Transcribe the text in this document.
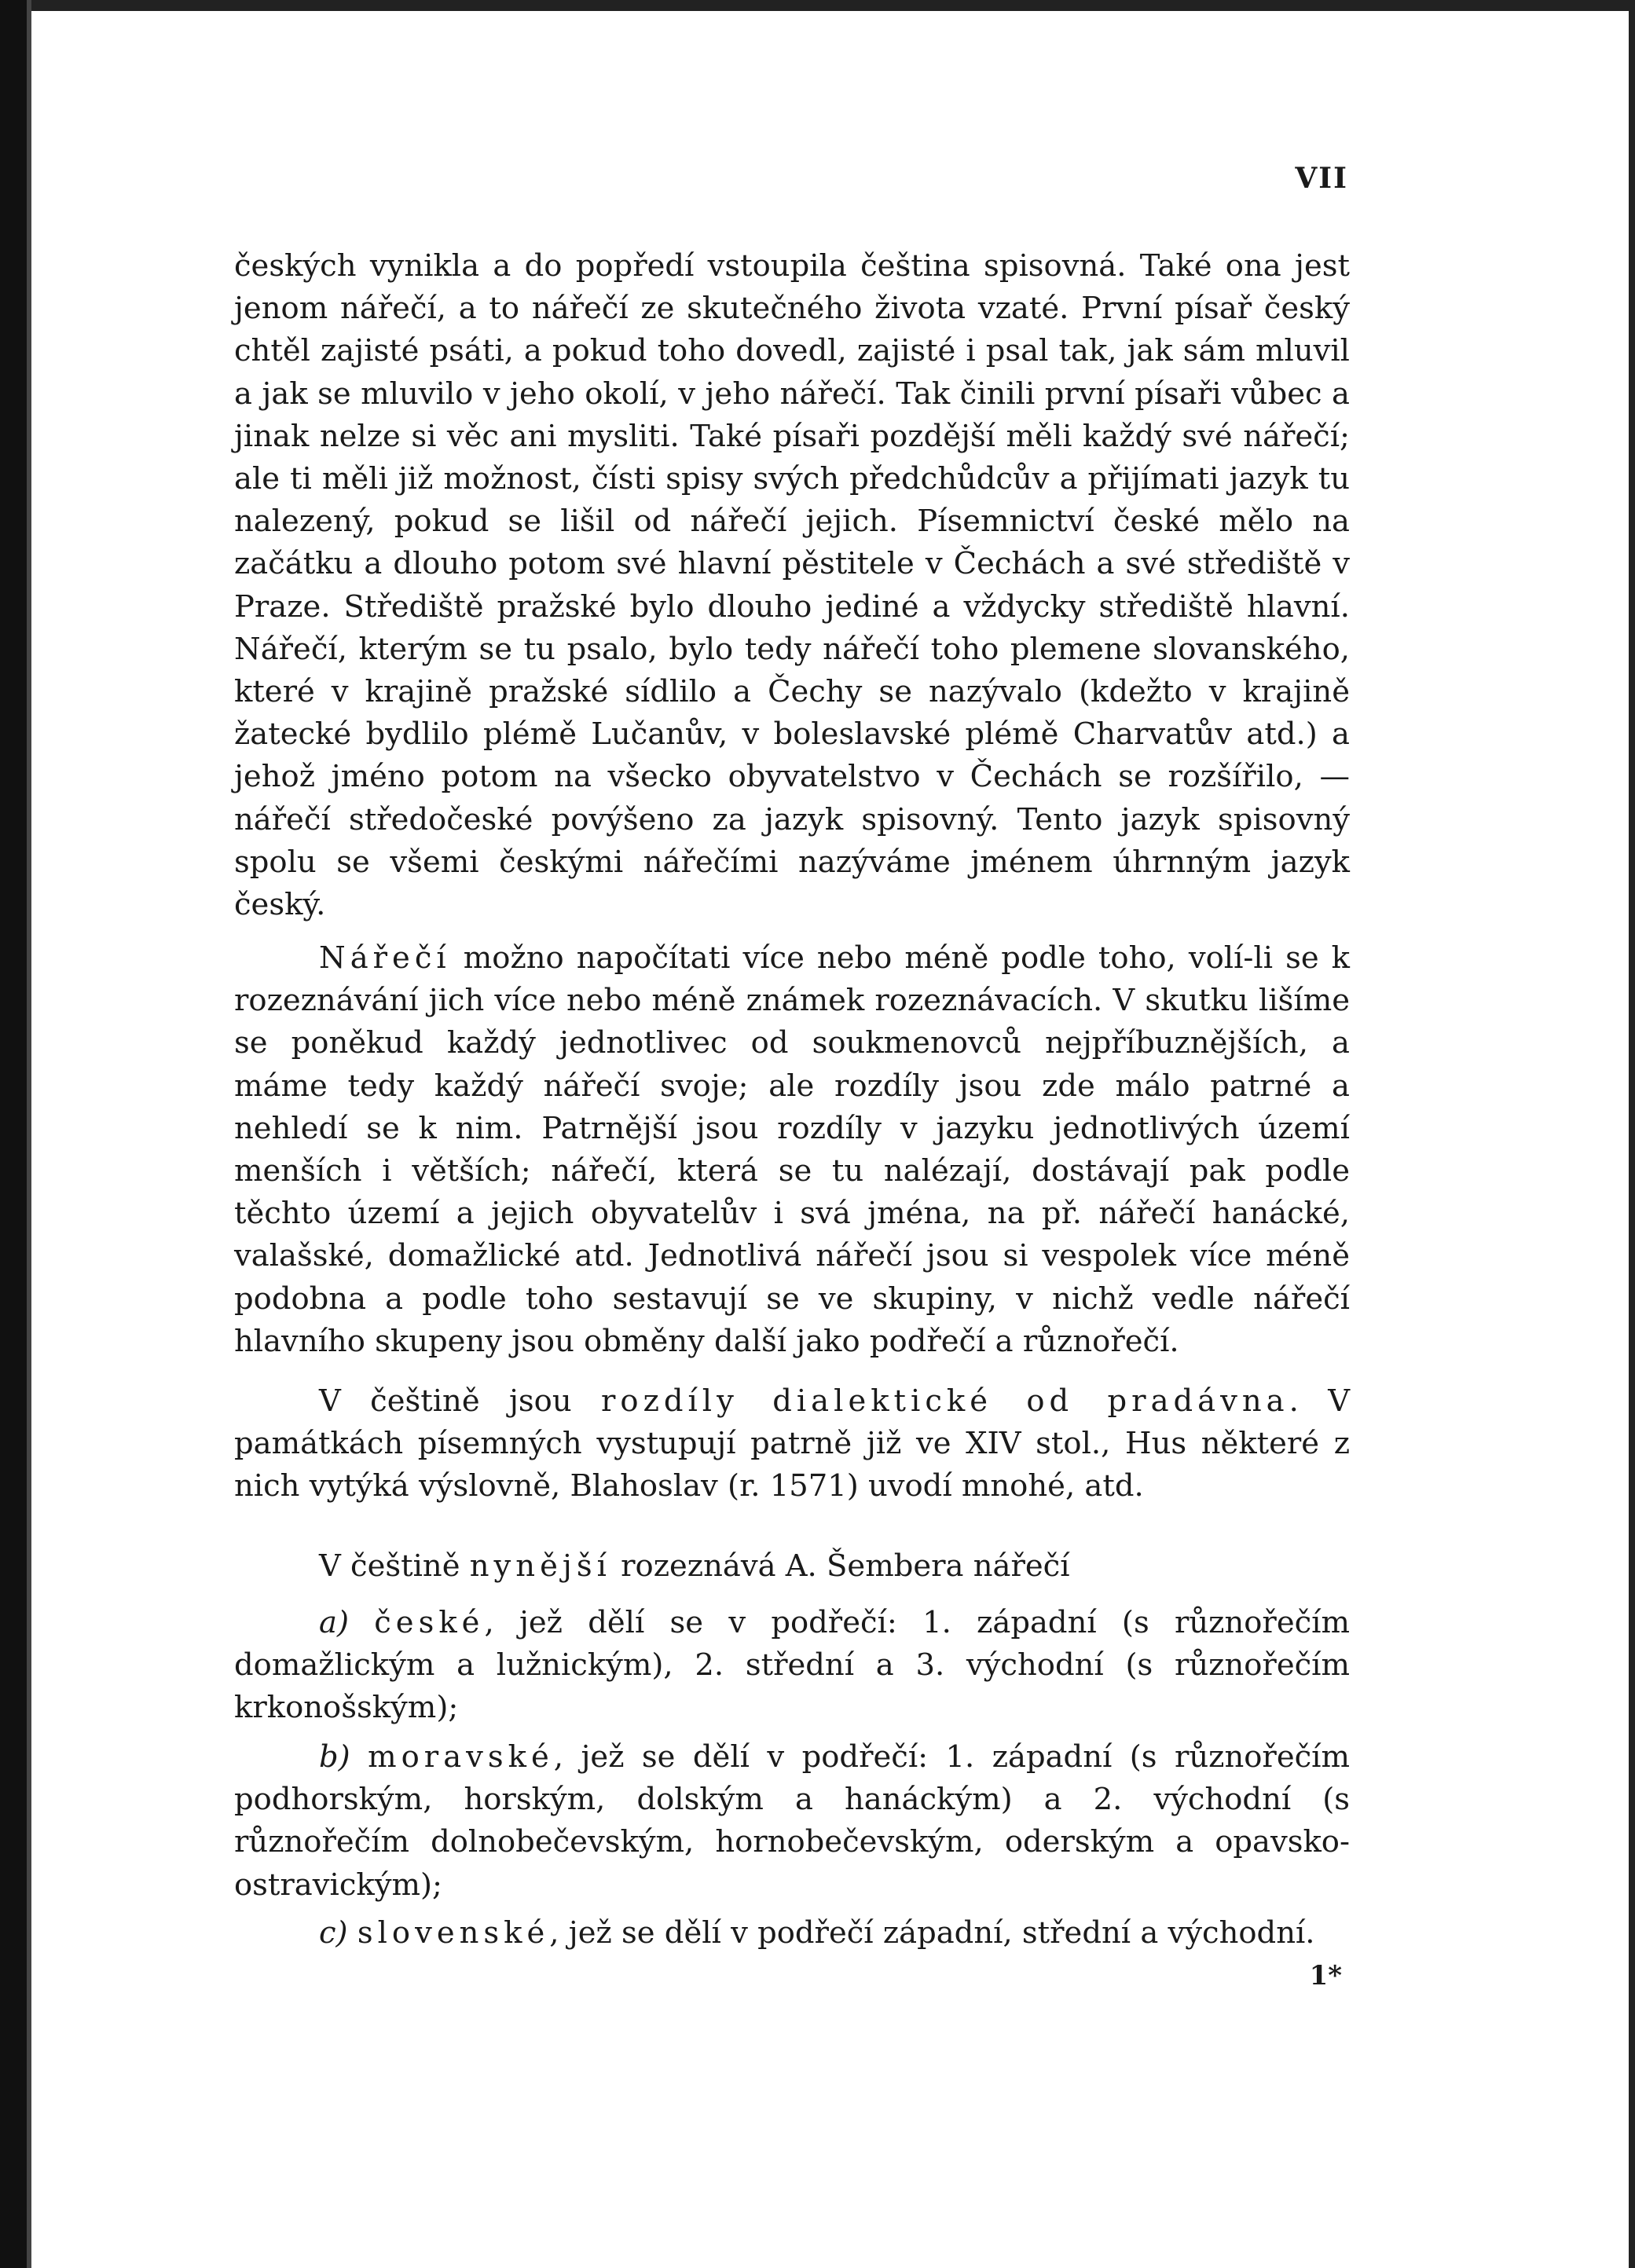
VII

českých vynikla a do popředí vstoupila čeština spisovná. Také ona jest jenom nářečí, a to nářečí ze skutečného života vzaté. První písař český chtěl zajisté psáti, a pokud toho dovedl, zajisté i psal tak, jak sám mluvil a jak se mluvilo v jeho okolí, v jeho nářečí. Tak činili první písaři vůbec a jinak nelze si věc ani mysliti. Také písaři pozdější měli každý své nářečí; ale ti měli již možnost, čísti spisy svých předchůdcův a přijímati jazyk tu nalezený, pokud se lišil od nářečí jejich. Písemnictví české mělo na začátku a dlouho potom své hlavní pěstitele v Čechách a své střediště v Praze. Střediště pražské bylo dlouho jediné a vždycky střediště hlavní. Nářečí, kterým se tu psalo, bylo tedy nářečí toho plemene slovanského, které v krajině pražské sídlilo a Čechy se nazývalo (kdežto v krajině žatecké bydlilo plémě Lučanův, v boleslavské plémě Charvatův atd.) a jehož jméno potom na všecko obyvatelstvo v Čechách se rozšířilo, — nářečí středočeské povýšeno za jazyk spisovný. Tento jazyk spisovný spolu se všemi českými nářečími nazýváme jménem úhrnným jazyk český.

Nářečí možno napočítati více nebo méně podle toho, volí-li se k rozeznávání jich více nebo méně známek rozeznávacích. V skutku lišíme se poněkud každý jednotlivec od soukmenovců nejpříbuznějších, a máme tedy každý nářečí svoje; ale rozdíly jsou zde málo patrné a nehledí se k nim. Patrnější jsou rozdíly v jazyku jednotlivých území menších i větších; nářečí, která se tu nalézají, dostávají pak podle těchto území a jejich obyvatelův i svá jména, na př. nářečí hanácké, valašské, domažlické atd. Jednotlivá nářečí jsou si vespolek více méně podobna a podle toho sestavují se ve skupiny, v nichž vedle nářečí hlavního skupeny jsou obměny další jako podřečí a různořečí.

V češtině jsou rozdíly dialektické od pradávna. V památkách písemných vystupují patrně již ve XIV stol., Hus některé z nich vytýká výslovně, Blahoslav (r. 1571) uvodí mnohé, atd.

V češtině nynější rozeznává A. Šembera nářečí

a) české, jež dělí se v podřečí: 1. západní (s různořečím domažlickým a lužnickým), 2. střední a 3. východní (s různořečím krkonošským);

b) moravské, jež se dělí v podřečí: 1. západní (s různořečím podhorským, horským, dolským a hanáckým) a 2. východní (s různořečím dolnobečevským, hornobečevským, oderským a opavsko-ostravickým);

c) slovenské, jež se dělí v podřečí západní, střední a východní.

1*
